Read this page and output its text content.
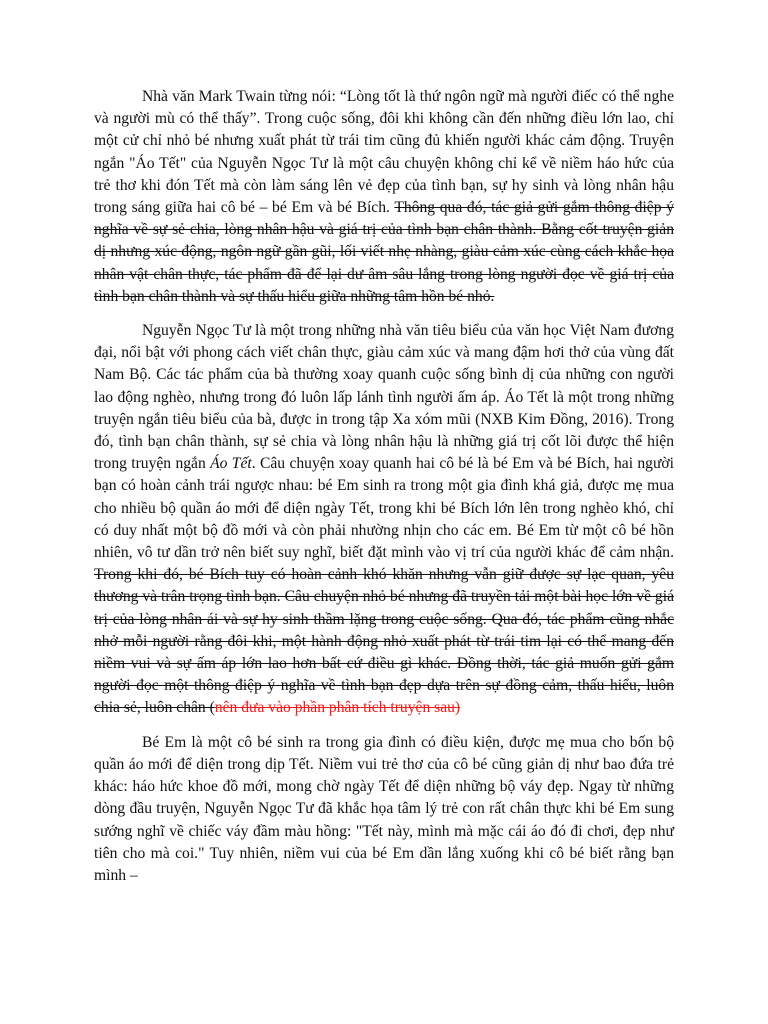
Nhà văn Mark Twain từng nói: “Lòng tốt là thứ ngôn ngữ mà người điếc có thể nghe và người mù có thể thấy”. Trong cuộc sống, đôi khi không cần đến những điều lớn lao, chỉ một cử chỉ nhỏ bé nhưng xuất phát từ trái tim cũng đủ khiến người khác cảm động. Truyện ngắn "Áo Tết" của Nguyễn Ngọc Tư là một câu chuyện không chỉ kể về niềm háo hức của trẻ thơ khi đón Tết mà còn làm sáng lên vẻ đẹp của tình bạn, sự hy sinh và lòng nhân hậu trong sáng giữa hai cô bé – bé Em và bé Bích. Thông qua đó, tác giả gửi gắm thông điệp ý nghĩa về sự sẻ chia, lòng nhân hậu và giá trị của tình bạn chân thành. Bằng cốt truyện giản dị nhưng xúc động, ngôn ngữ gần gũi, lối viết nhẹ nhàng, giàu cảm xúc cùng cách khắc họa nhân vật chân thực, tác phẩm đã để lại dư âm sâu lắng trong lòng người đọc về giá trị của tình bạn chân thành và sự thấu hiểu giữa những tâm hồn bé nhỏ.

Nguyễn Ngọc Tư là một trong những nhà văn tiêu biểu của văn học Việt Nam đương đại, nổi bật với phong cách viết chân thực, giàu cảm xúc và mang đậm hơi thở của vùng đất Nam Bộ. Các tác phẩm của bà thường xoay quanh cuộc sống bình dị của những con người lao động nghèo, nhưng trong đó luôn lấp lánh tình người ấm áp. Áo Tết là một trong những truyện ngắn tiêu biểu của bà, được in trong tập Xa xóm mũi (NXB Kim Đồng, 2016). Trong đó, tình bạn chân thành, sự sẻ chia và lòng nhân hậu là những giá trị cốt lõi được thể hiện trong truyện ngắn Áo Tết. Câu chuyện xoay quanh hai cô bé là bé Em và bé Bích, hai người bạn có hoàn cảnh trái ngược nhau: bé Em sinh ra trong một gia đình khá giả, được mẹ mua cho nhiều bộ quần áo mới để diện ngày Tết, trong khi bé Bích lớn lên trong nghèo khó, chỉ có duy nhất một bộ đồ mới và còn phải nhường nhịn cho các em. Bé Em từ một cô bé hồn nhiên, vô tư dần trở nên biết suy nghĩ, biết đặt mình vào vị trí của người khác để cảm nhận. Trong khi đó, bé Bích tuy có hoàn cảnh khó khăn nhưng vẫn giữ được sự lạc quan, yêu thương và trân trọng tình bạn. Câu chuyện nhỏ bé nhưng đã truyền tải một bài học lớn về giá trị của lòng nhân ái và sự hy sinh thầm lặng trong cuộc sống. Qua đó, tác phẩm cũng nhắc nhở mỗi người rằng đôi khi, một hành động nhỏ xuất phát từ trái tim lại có thể mang đến niềm vui và sự ấm áp lớn lao hơn bất cứ điều gì khác. Đồng thời, tác giả muốn gửi gắm người đọc một thông điệp ý nghĩa về tình bạn đẹp dựa trên sự đồng cảm, thấu hiểu, luôn chia sẻ, luôn chân (nên đưa vào phần phân tích truyện sau)

Bé Em là một cô bé sinh ra trong gia đình có điều kiện, được mẹ mua cho bốn bộ quần áo mới để diện trong dịp Tết. Niềm vui trẻ thơ của cô bé cũng giản dị như bao đứa trẻ khác: háo hức khoe đồ mới, mong chờ ngày Tết để diện những bộ váy đẹp. Ngay từ những dòng đầu truyện, Nguyễn Ngọc Tư đã khắc họa tâm lý trẻ con rất chân thực khi bé Em sung sướng nghĩ về chiếc váy đầm màu hồng: "Tết này, mình mà mặc cái áo đó đi chơi, đẹp như tiên cho mà coi." Tuy nhiên, niềm vui của bé Em dần lắng xuống khi cô bé biết rằng bạn mình –
